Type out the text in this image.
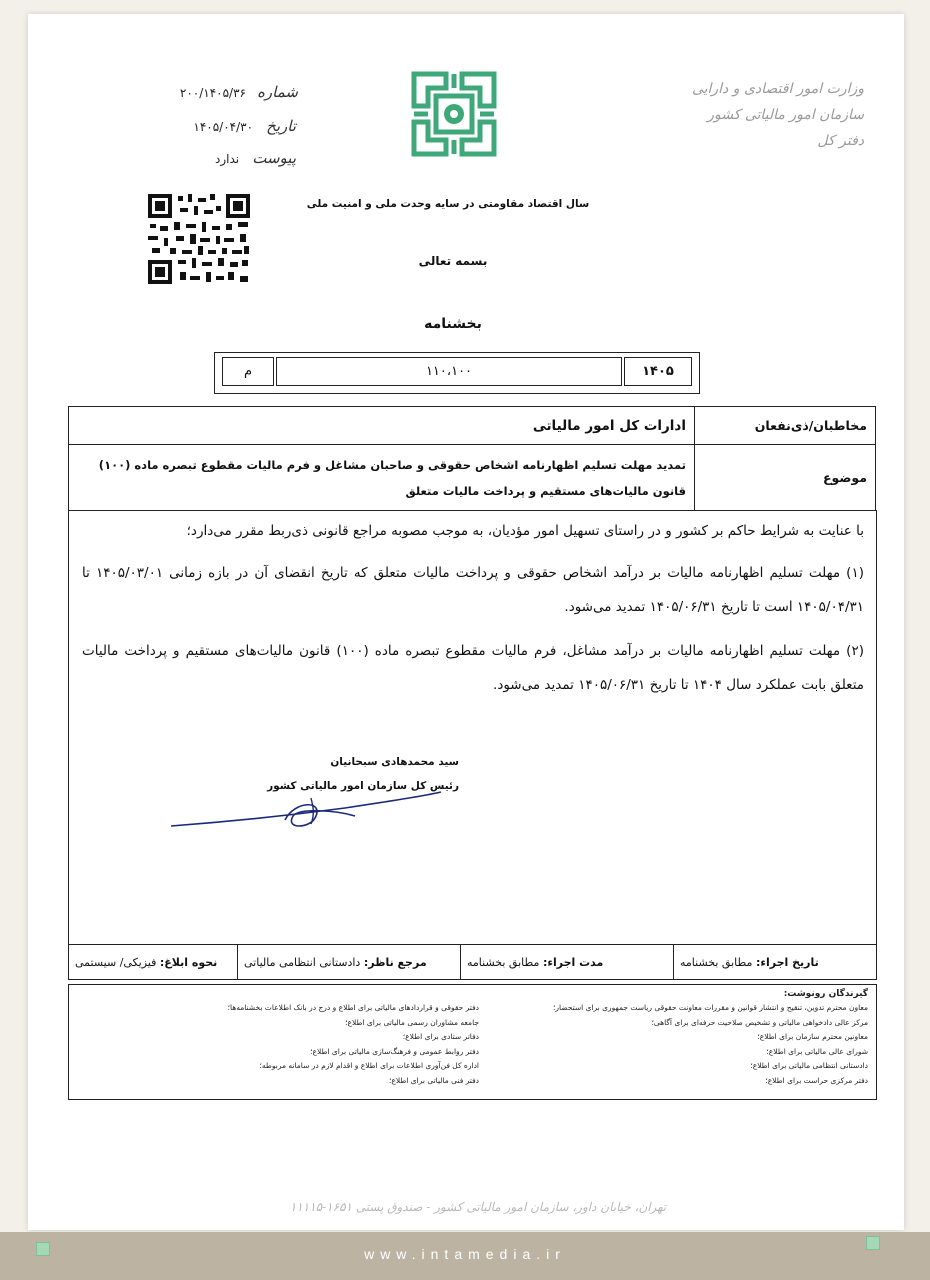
شماره ۲۰۰/۱۴۰۵/۳۶
تاریخ ۱۴۰۵/۰۴/۳۰
پیوست ندارد
وزارت امور اقتصادی و دارایی
سازمان امور مالیاتی کشور
دفتر کل
سال اقتصاد مقاومتی در سایه وحدت ملی و امنیت ملی
بسمه تعالی
بخشنامه
م	۱۱۰،۱۰۰	۱۴۰۵
مخاطبان/ذی‌نفعان	ادارات کل امور مالیاتی
موضوع	تمدید مهلت تسلیم اظهارنامه اشخاص حقوقی و صاحبان مشاغل و فرم مالیات مقطوع تبصره ماده (۱۰۰)
قانون مالیات‌های مستقیم و پرداخت مالیات متعلق
با عنایت به شرایط حاکم بر کشور و در راستای تسهیل امور مؤدیان، به موجب مصوبه مراجع قانونی ذی‌ربط مقرر می‌دارد؛
(۱) مهلت تسلیم اظهارنامه مالیات بر درآمد اشخاص حقوقی و پرداخت مالیات متعلق که تاریخ انقضای آن در بازه زمانی ۱۴۰۵/۰۳/۰۱ تا ۱۴۰۵/۰۴/۳۱ است تا تاریخ ۱۴۰۵/۰۶/۳۱ تمدید می‌شود.
(۲) مهلت تسلیم اظهارنامه مالیات بر درآمد مشاغل، فرم مالیات مقطوع تبصره ماده (۱۰۰) قانون مالیات‌های مستقیم و پرداخت مالیات متعلق بابت عملکرد سال ۱۴۰۴ تا تاریخ ۱۴۰۵/۰۶/۳۱ تمدید می‌شود.
سید محمدهادی سبحانیان
رئیس کل سازمان امور مالیاتی کشور
تاریخ اجراء:

مطابق بخشنامه
مدت اجراء:

مطابق بخشنامه
مرجع ناظر:

دادستانی انتظامی مالیاتی
نحوه ابلاغ:

فیزیکی/ سیستمی
گیرندگان رونوشت:
معاون محترم تدوین، تنقیح و انتشار قوانین و مقررات معاونت حقوقی ریاست جمهوری برای استحضار؛
مرکز عالی دادخواهی مالیاتی و تشخیص صلاحیت حرفه‌ای برای آگاهی؛
معاونین محترم سازمان برای اطلاع؛
شورای عالی مالیاتی برای اطلاع؛
دادستانی انتظامی مالیاتی برای اطلاع؛
دفتر مرکزی حراست برای اطلاع؛
دفتر حقوقی و قراردادهای مالیاتی برای اطلاع و درج در بانک اطلاعات بخشنامه‌ها؛
جامعه مشاوران رسمی مالیاتی برای اطلاع؛
دفاتر ستادی برای اطلاع؛
دفتر روابط عمومی و فرهنگ‌سازی مالیاتی برای اطلاع؛
اداره کل فن‌آوری اطلاعات برای اطلاع و اقدام لازم در سامانه مربوطه؛
دفتر فنی مالیاتی برای اطلاع؛
تهران، خیابان داور، سازمان امور مالیاتی کشور - صندوق پستی ۱۶۵۱-۱۱۱۱۵
www.intamedia.ir
